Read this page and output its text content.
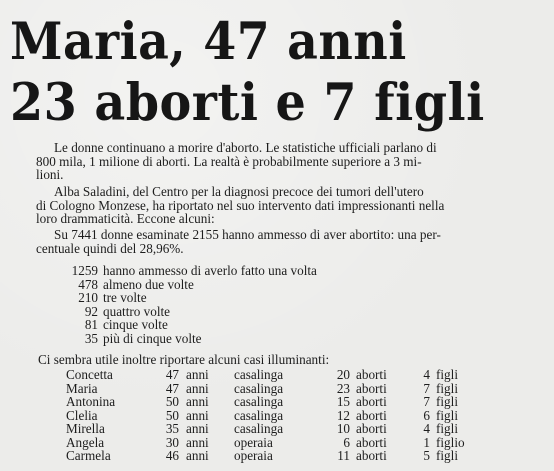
Maria, 47 anni
23 aborti e 7 figli

Le donne continuano a morire d'aborto. Le statistiche ufficiali parlano di
800 mila, 1 milione di aborti. La realtà è probabilmente superiore a 3 mi-
lioni.

Alba Saladini, del Centro per la diagnosi precoce dei tumori dell'utero
di Cologno Monzese, ha riportato nel suo intervento dati impressionanti nella
loro drammaticità. Eccone alcuni:

Su 7441 donne esaminate 2155 hanno ammesso di aver abortito: una per-
centuale quindi del 28,96%.

1259 hanno ammesso di averlo fatto una volta
478 almeno due volte
210 tre volte
92 quattro volte
81 cinque volte
35 più di cinque volte
Ci sembra utile inoltre riportare alcuni casi illuminanti:
Concetta	47 anni casalinga	20 aborti	4 figli
Maria	47 anni casalinga	23 aborti	7 figli
Antonina	50 anni casalinga	15 aborti	7 figli
Clelia	50 anni casalinga	12 aborti	6 figli
Mirella	35 anni casalinga	10 aborti	4 figli
Angela	30 anni operaia	6 aborti	1 figlio
Carmela	46 anni operaia	11 aborti	5 figli
